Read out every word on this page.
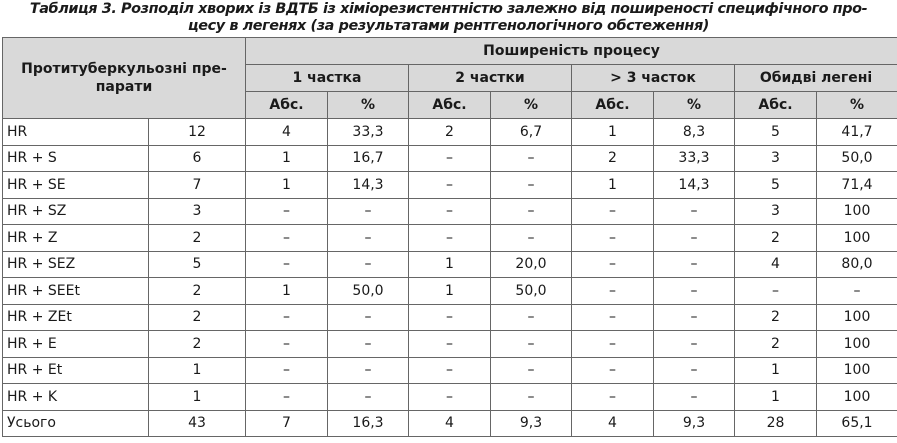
Таблиця 3. Розподіл хворих із ВДТБ із хіміорезистентністю залежно від поширеності специфічного про-
цесу в легенях (за результатами рентгенологічного обстеження)
Протитуберкульозні пре-
парати		Поширеність процесу							
		1 частка		2 частки		> 3 часток		Обидві легені	
		Абс.	%	Абс.	%	Абс.	%	Абс.	%
HR	12	4	33,3	2	6,7	1	8,3	5	41,7
HR + S	6	1	16,7	–	–	2	33,3	3	50,0
HR + SE	7	1	14,3	–	–	1	14,3	5	71,4
HR + SZ	3	–	–	–	–	–	–	3	100
HR + Z	2	–	–	–	–	–	–	2	100
HR + SEZ	5	–	–	1	20,0	–	–	4	80,0
HR + SEEt	2	1	50,0	1	50,0	–	–	–	–
HR + ZEt	2	–	–	–	–	–	–	2	100
HR + E	2	–	–	–	–	–	–	2	100
HR + Et	1	–	–	–	–	–	–	1	100
HR + K	1	–	–	–	–	–	–	1	100
Усього	43	7	16,3	4	9,3	4	9,3	28	65,1
